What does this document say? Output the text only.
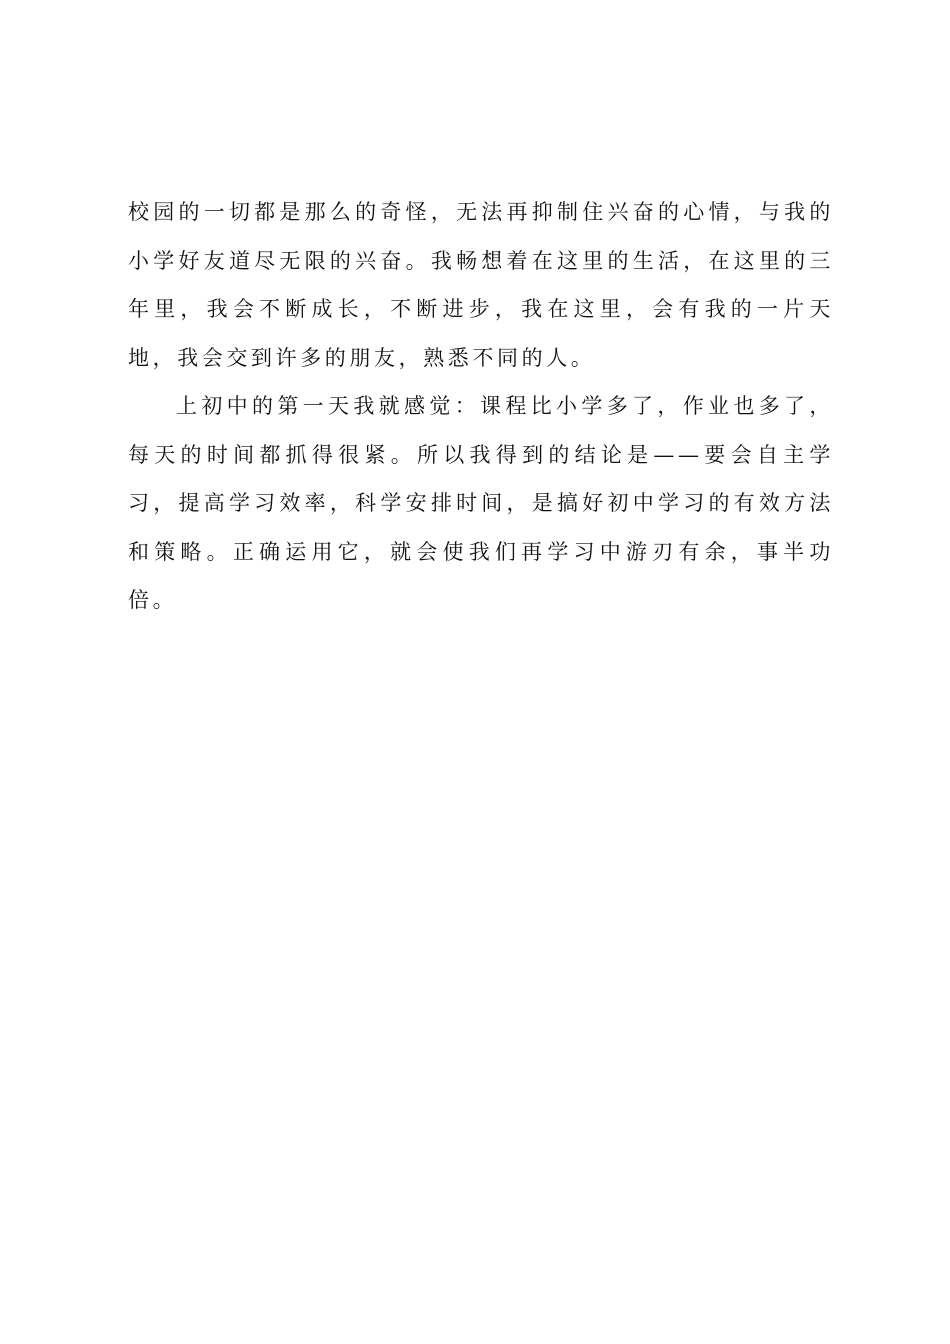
校园的一切都是那么的奇怪，无法再抑制住兴奋的心情，与我的小学好友道尽无限的兴奋。我畅想着在这里的生活，在这里的三年里，我会不断成长，不断进步，我在这里，会有我的一片天地，我会交到许多的朋友，熟悉不同的人。

上初中的第一天我就感觉：课程比小学多了，作业也多了，每天的时间都抓得很紧。所以我得到的结论是——要会自主学习，提高学习效率，科学安排时间，是搞好初中学习的有效方法和策略。正确运用它，就会使我们再学习中游刃有余，事半功倍。
